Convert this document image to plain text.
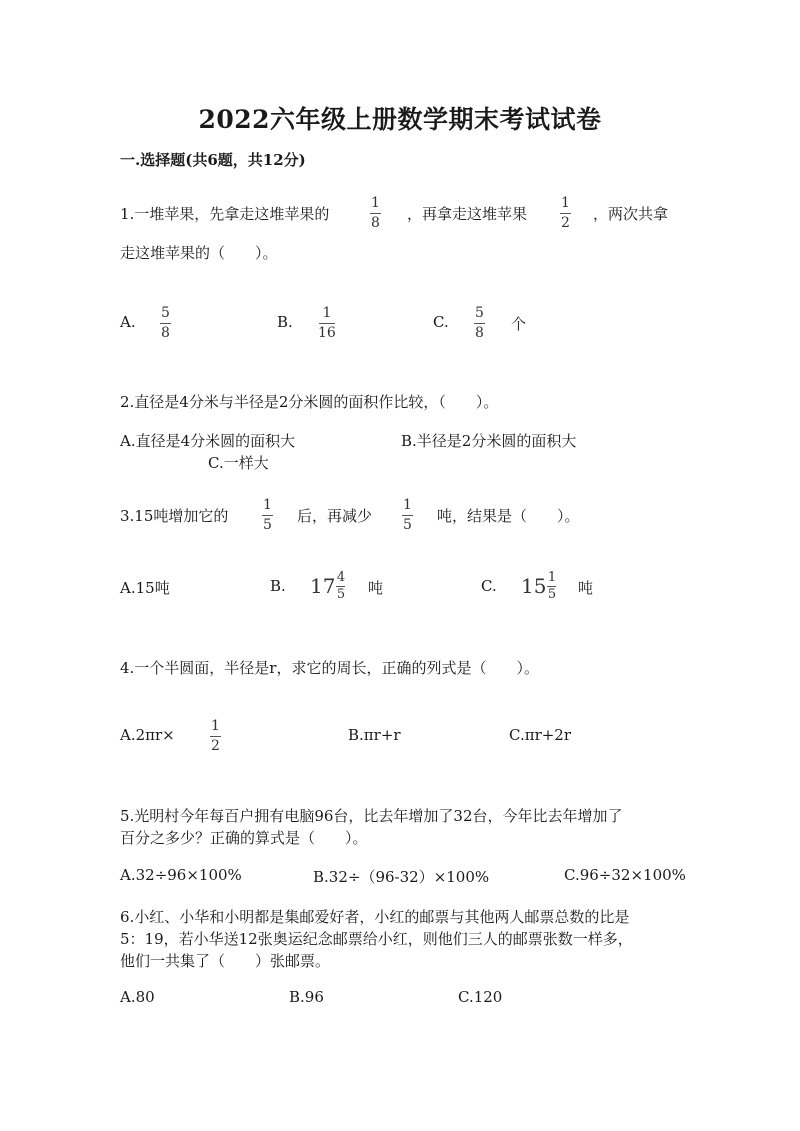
2022六年级上册数学期末考试试卷
一.选择题(共6题，共12分)
1.一堆苹果，先拿走这堆苹果的
1
8 ，再拿走这堆苹果
1
2 ，两次共拿
走这堆苹果的（　　）。
A. 5
8
B. 1
16
C. 5
8 个
2.直径是4分米与半径是2分米圆的面积作比较，（　　）。
A.直径是4分米圆的面积大	B.半径是2分米圆的面积大
C.一样大
3.15吨增加它的
1
5 后，再减少
1
5 吨，结果是（　　）。
A.15吨	B. 17 4
5 吨	C. 15 1
5 吨
4.一个半圆面，半径是r，求它的周长，正确的列式是（　　）。
A.2πr×	1
2
B.πr+r	C.πr+2r
5.光明村今年每百户拥有电脑96台，比去年增加了32台，今年比去年增加了
百分之多少？正确的算式是（　　）。
A.32÷96×100%	B.32÷（96-32）×100%	C.96÷32×100%
6.小红、小华和小明都是集邮爱好者，小红的邮票与其他两人邮票总数的比是
5：19，若小华送12张奥运纪念邮票给小红，则他们三人的邮票张数一样多，
他们一共集了（　　）张邮票。
A.80	B.96	C.120
